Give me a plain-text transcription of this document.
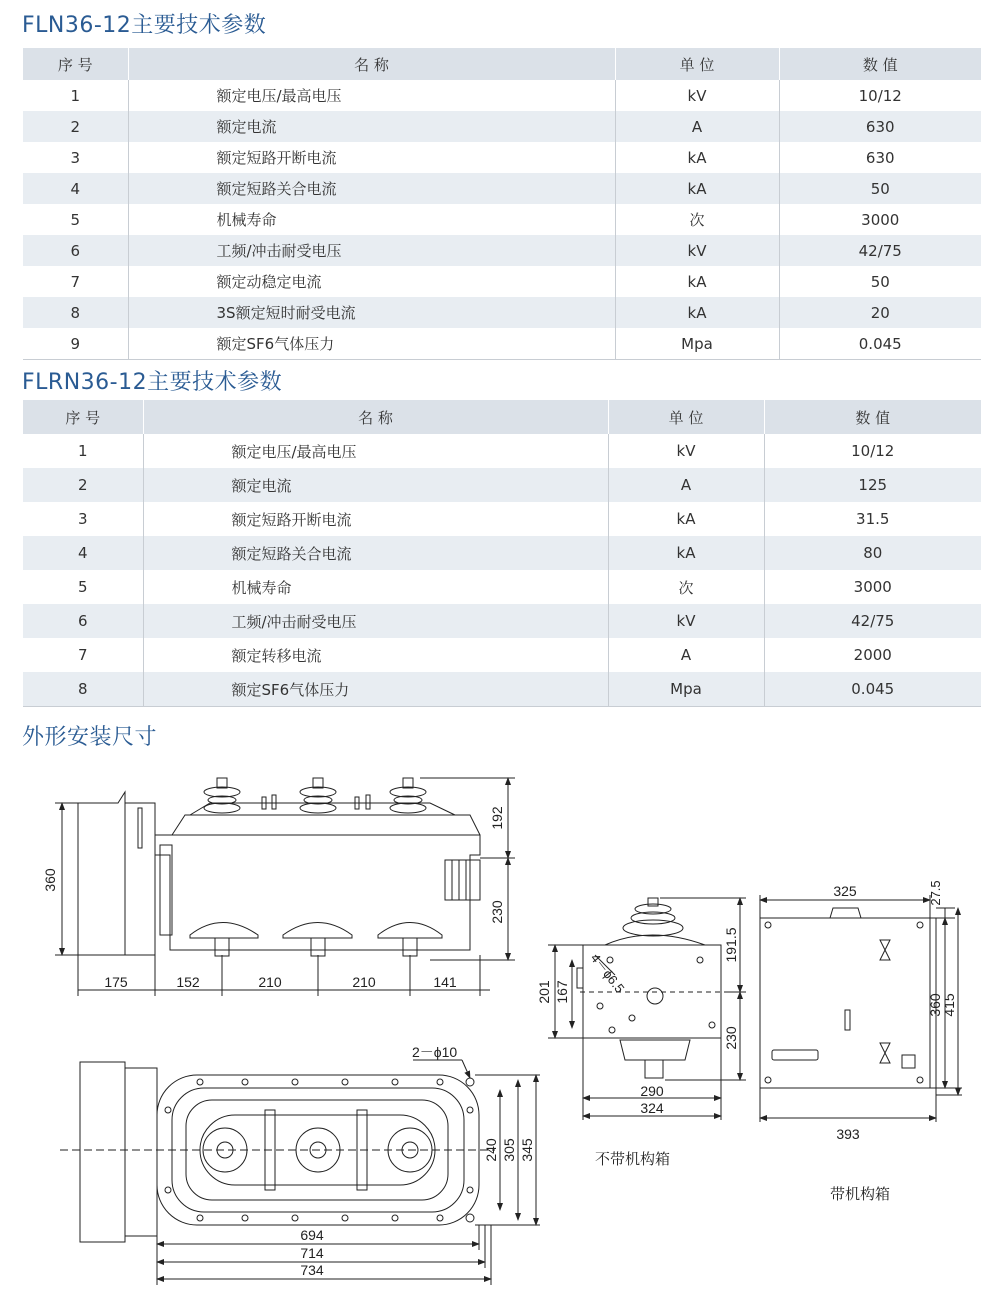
FLN36-12主要技术参数
序 号	名 称	单 位	数 值
1	额定电压/最高电压	kV	10/12
2	额定电流	A	630
3	额定短路开断电流	kA	630
4	额定短路关合电流	kA	50
5	机械寿命	次	3000
6	工频/冲击耐受电压	kV	42/75
7	额定动稳定电流	kA	50
8	3S额定短时耐受电流	kA	20
9	额定SF6气体压力	Mpa	0.045
FLRN36-12主要技术参数
序 号	名 称	单 位	数 值
1	额定电压/最高电压	kV	10/12
2	额定电流	A	125
3	额定短路开断电流	kA	31.5
4	额定短路关合电流	kA	80
5	机械寿命	次	3000
6	工频/冲击耐受电压	kV	42/75
7	额定转移电流	A	2000
8	额定SF6气体压力	Mpa	0.045
外形安装尺寸
360
192
230
175	152	210	210	141
2－ϕ10
240 305 345
694
714
734
201 167 4－ϕ6.5
191.5
230
290
324
325	27.5
360
415
393
不带机构箱
带机构箱
